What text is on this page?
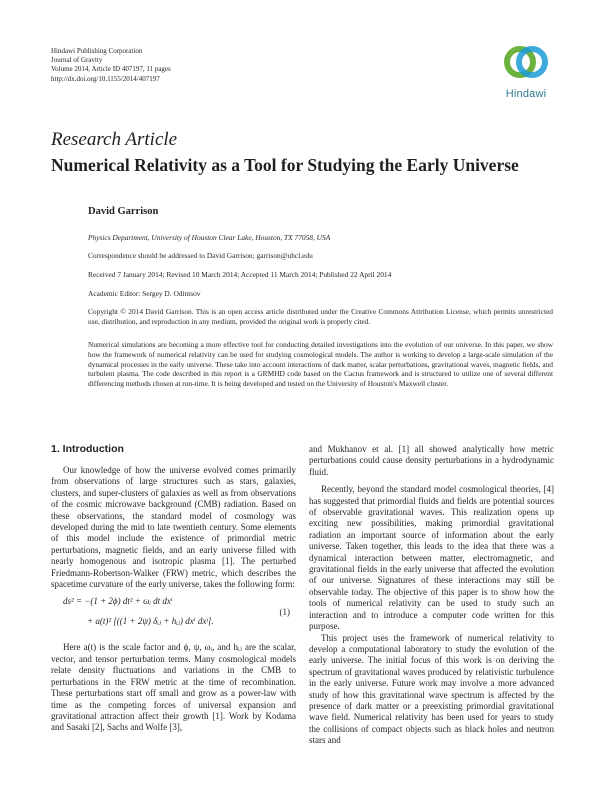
Hindawi Publishing Corporation
Journal of Gravity
Volume 2014, Article ID 407197, 11 pages
http://dx.doi.org/10.1155/2014/407197
Hindawi
Research Article
Numerical Relativity as a Tool for Studying the Early Universe
David Garrison
Physics Department, University of Houston Clear Lake, Houston, TX 77058, USA
Correspondence should be addressed to David Garrison; garrison@uhcl.edu
Received 7 January 2014; Revised 10 March 2014; Accepted 11 March 2014; Published 22 April 2014
Academic Editor: Sergey D. Odintsov
Copyright © 2014 David Garrison. This is an open access article distributed under the Creative Commons Attribution License, which permits unrestricted use, distribution, and reproduction in any medium, provided the original work is properly cited.
Numerical simulations are becoming a more effective tool for conducting detailed investigations into the evolution of our universe. In this paper, we show how the framework of numerical relativity can be used for studying cosmological models. The author is working to develop a large-scale simulation of the dynamical processes in the early universe. These take into account interactions of dark matter, scalar perturbations, gravitational waves, magnetic fields, and turbulent plasma. The code described in this report is a GRMHD code based on the Cactus framework and is structured to utilize one of several different differencing methods chosen at run-time. It is being developed and tested on the University of Houston's Maxwell cluster.
1. Introduction

Our knowledge of how the universe evolved comes primarily from observations of large structures such as stars, galaxies, clusters, and super-clusters of galaxies as well as from observations of the cosmic microwave background (CMB) radiation. Based on these observations, the standard model of cosmology was developed during the mid to late twentieth century. Some elements of this model include the existence of primordial metric perturbations, magnetic fields, and an early universe filled with nearly homogenous and isotropic plasma [1]. The perturbed Friedmann-Robertson-Walker (FRW) metric, which describes the spacetime curvature of the early universe, takes the following form:

ds² = −(1 + 2ϕ) dt² + ωᵢ dt dxⁱ
+ a(t)² [((1 + 2ψ) δᵢⱼ + hᵢⱼ) dxⁱ dxʲ].
(1)

Here a(t) is the scale factor and ϕ, ψ, ωᵢ, and hᵢⱼ are the scalar, vector, and tensor perturbation terms. Many cosmological models relate density fluctuations and variations in the CMB to perturbations in the FRW metric at the time of recombination. These perturbations start off small and grow as a power-law with time as the competing forces of universal expansion and gravitational attraction affect their growth [1]. Work by Kodama and Sasaki [2], Sachs and Wolfe [3],

and Mukhanov et al. [1] all showed analytically how metric perturbations could cause density perturbations in a hydrodynamic fluid.

Recently, beyond the standard model cosmological theories, [4] has suggested that primordial fluids and fields are potential sources of observable gravitational waves. This realization opens up exciting new possibilities, making primordial gravitational radiation an important source of information about the early universe. Taken together, this leads to the idea that there was a dynamical interaction between matter, electromagnetic, and gravitational fields in the early universe that affected the evolution of our universe. Signatures of these interactions may still be observable today. The objective of this paper is to show how the tools of numerical relativity can be used to study such an interaction and to introduce a computer code written for this purpose.

This project uses the framework of numerical relativity to develop a computational laboratory to study the evolution of the early universe. The initial focus of this work is on deriving the spectrum of gravitational waves produced by relativistic turbulence in the early universe. Future work may involve a more advanced study of how this gravitational wave spectrum is affected by the presence of dark matter or a preexisting primordial gravitational wave field. Numerical relativity has been used for years to study the collisions of compact objects such as black holes and neutron stars and
